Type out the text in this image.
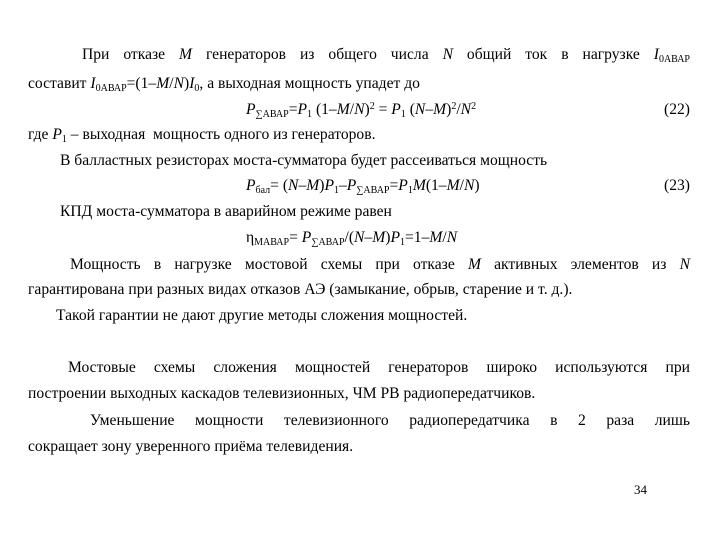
При отказе M генераторов из общего числа N общий ток в нагрузке $I_{0АВАР}$
составит $I_{0АВАР}=(1-M/N)I_0$, а выходная мощность упадет до
$P_{\sum АВАР}=P_1$ $(1-M/N)^2 = P_1$ $(N-M)^2/N^2$	(22)
где $P_1$ – выходная  мощность одного из генераторов.
В балластных резисторах моста-сумматора будет рассеиваться мощность
$P_{бал}= (N-M)P_1-P_{\sum АВАР}=P_1M(1-M/N)$	(23)
КПД моста-сумматора в аварийном режиме равен
$\eta_{МАВАР}= P_{\sum АВАР}/(N-M)P_1=1-M/N$
Мощность в нагрузке мостовой схемы при отказе M активных элементов из N
гарантирована при разных видах отказов АЭ (замыкание, обрыв, старение и т. д.).
Такой гарантии не дают другие методы сложения мощностей.
Мостовые схемы сложения мощностей генераторов широко используются при
построении выходных каскадов телевизионных, ЧМ РВ радиопередатчиков.
Уменьшение мощности телевизионного радиопередатчика в 2 раза лишь
сокращает зону уверенного приёма телевидения.
34
